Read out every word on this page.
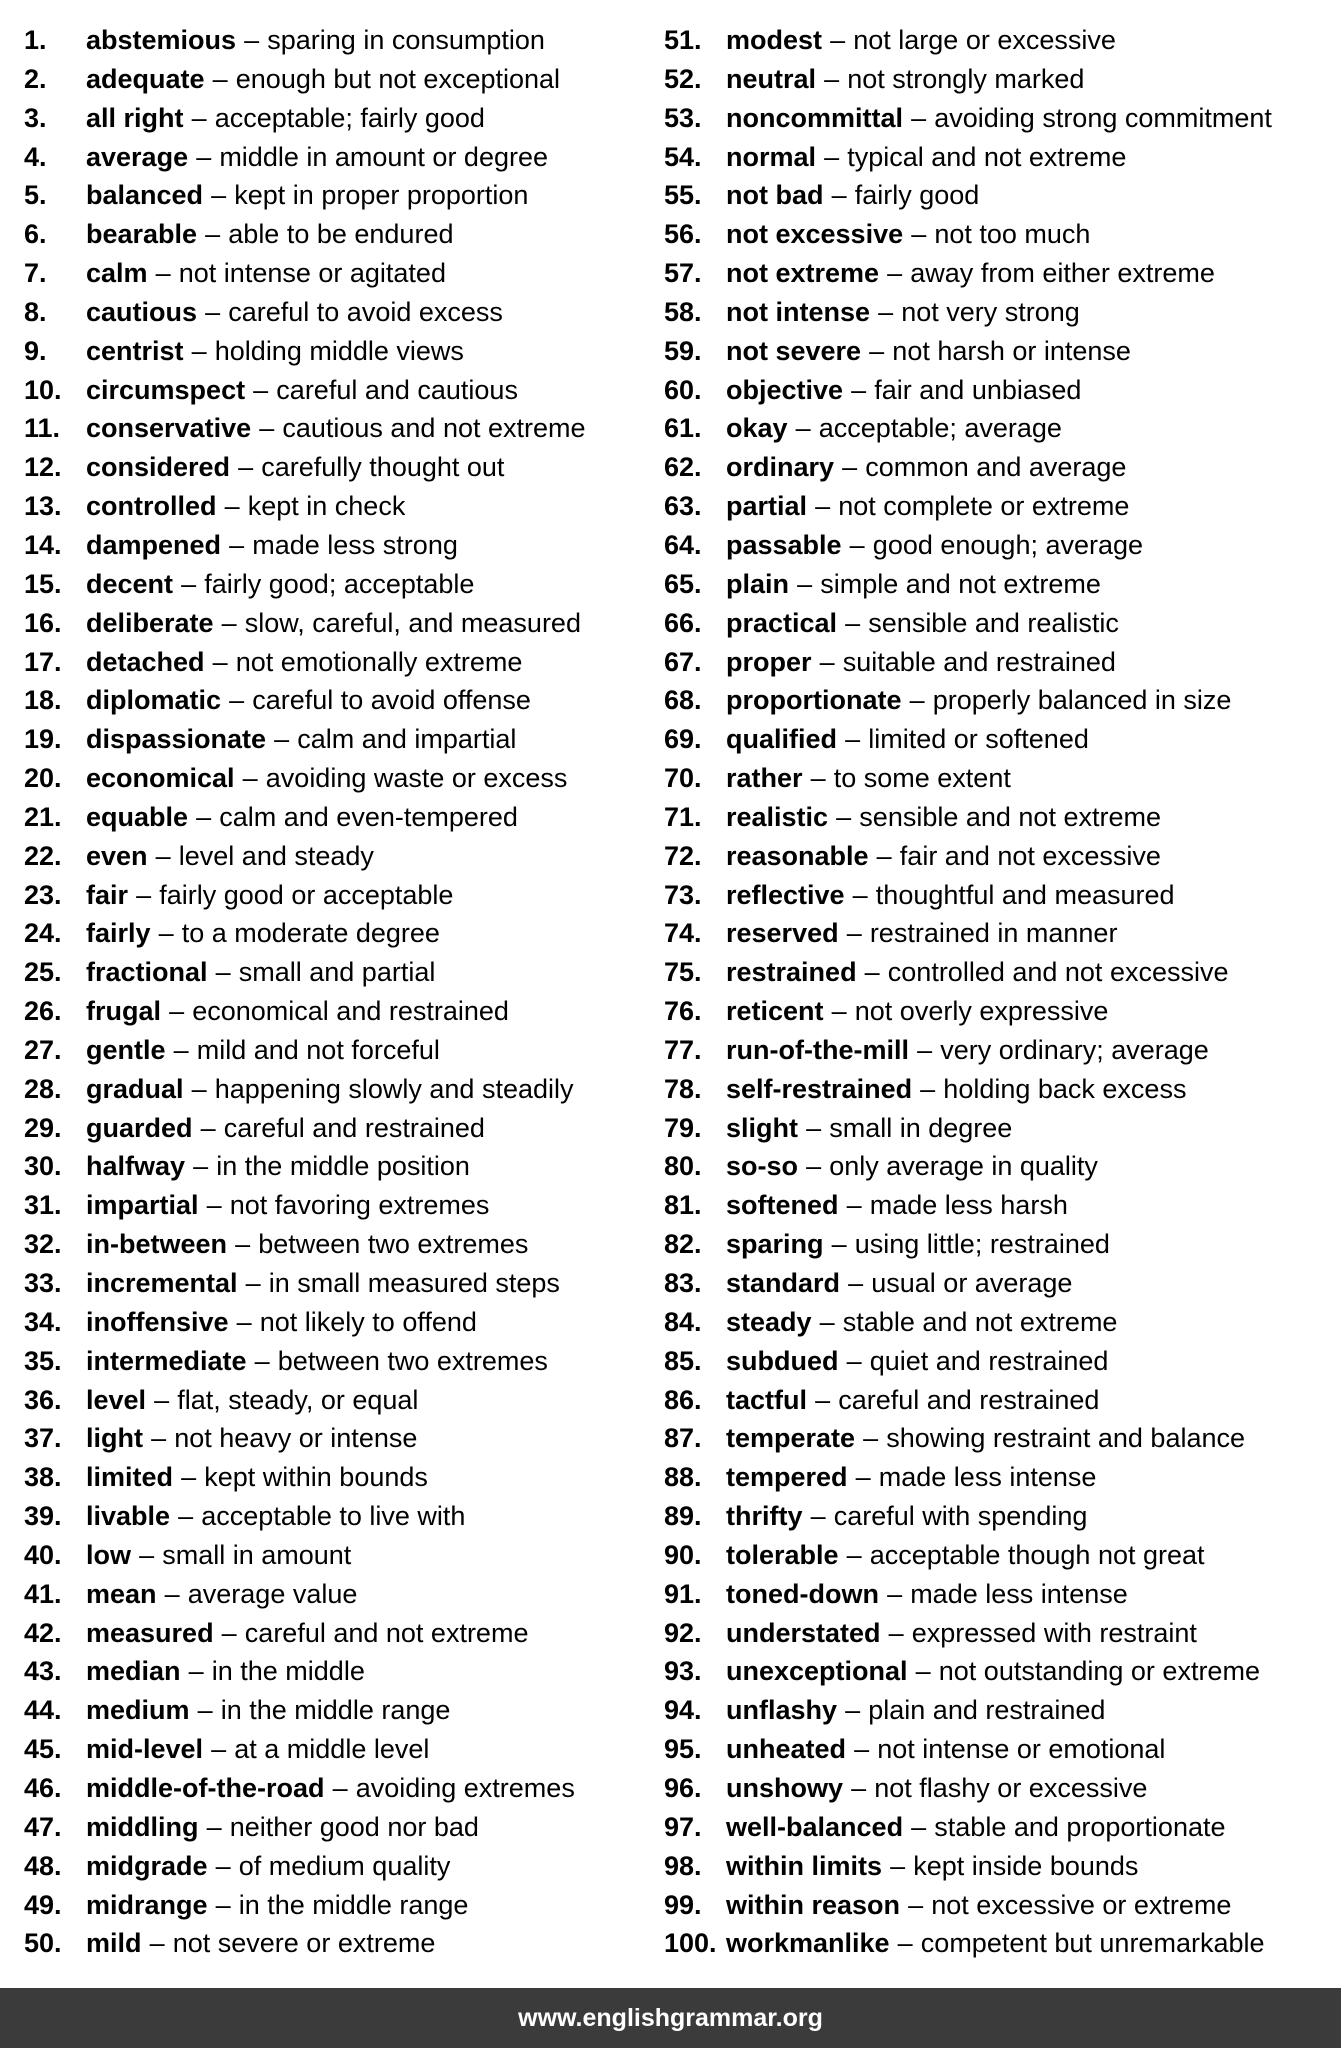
1.	abstemious – sparing in consumption
2.	adequate – enough but not exceptional
3.	all right – acceptable; fairly good
4.	average – middle in amount or degree
5.	balanced – kept in proper proportion
6.	bearable – able to be endured
7.	calm – not intense or agitated
8.	cautious – careful to avoid excess
9.	centrist – holding middle views
10. circumspect – careful and cautious
11. conservative – cautious and not extreme
12. considered – carefully thought out
13. controlled – kept in check
14. dampened – made less strong
15. decent – fairly good; acceptable
16. deliberate – slow, careful, and measured
17. detached – not emotionally extreme
18. diplomatic – careful to avoid offense
19. dispassionate – calm and impartial
20. economical – avoiding waste or excess
21. equable – calm and even-tempered
22. even – level and steady
23. fair – fairly good or acceptable
24. fairly – to a moderate degree
25. fractional – small and partial
26. frugal – economical and restrained
27. gentle – mild and not forceful
28. gradual – happening slowly and steadily
29. guarded – careful and restrained
30. halfway – in the middle position
31. impartial – not favoring extremes
32. in-between – between two extremes
33. incremental – in small measured steps
34. inoffensive – not likely to offend
35. intermediate – between two extremes
36. level – flat, steady, or equal
37. light – not heavy or intense
38. limited – kept within bounds
39. livable – acceptable to live with
40. low – small in amount
41. mean – average value
42. measured – careful and not extreme
43. median – in the middle
44. medium – in the middle range
45. mid-level – at a middle level
46. middle-of-the-road – avoiding extremes
47. middling – neither good nor bad
48. midgrade – of medium quality
49. midrange – in the middle range
50. mild – not severe or extreme
51. modest – not large or excessive
52. neutral – not strongly marked
53. noncommittal – avoiding strong commitment
54. normal – typical and not extreme
55. not bad – fairly good
56. not excessive – not too much
57. not extreme – away from either extreme
58. not intense – not very strong
59. not severe – not harsh or intense
60. objective – fair and unbiased
61. okay – acceptable; average
62. ordinary – common and average
63. partial – not complete or extreme
64. passable – good enough; average
65. plain – simple and not extreme
66. practical – sensible and realistic
67. proper – suitable and restrained
68. proportionate – properly balanced in size
69. qualified – limited or softened
70. rather – to some extent
71. realistic – sensible and not extreme
72. reasonable – fair and not excessive
73. reflective – thoughtful and measured
74. reserved – restrained in manner
75. restrained – controlled and not excessive
76. reticent – not overly expressive
77. run-of-the-mill – very ordinary; average
78. self-restrained – holding back excess
79. slight – small in degree
80. so-so – only average in quality
81. softened – made less harsh
82. sparing – using little; restrained
83. standard – usual or average
84. steady – stable and not extreme
85. subdued – quiet and restrained
86. tactful – careful and restrained
87. temperate – showing restraint and balance
88. tempered – made less intense
89. thrifty – careful with spending
90. tolerable – acceptable though not great
91. toned-down – made less intense
92. understated – expressed with restraint
93. unexceptional – not outstanding or extreme
94. unflashy – plain and restrained
95. unheated – not intense or emotional
96. unshowy – not flashy or excessive
97. well-balanced – stable and proportionate
98. within limits – kept inside bounds
99. within reason – not excessive or extreme
100. workmanlike – competent but unremarkable
www.englishgrammar.org
